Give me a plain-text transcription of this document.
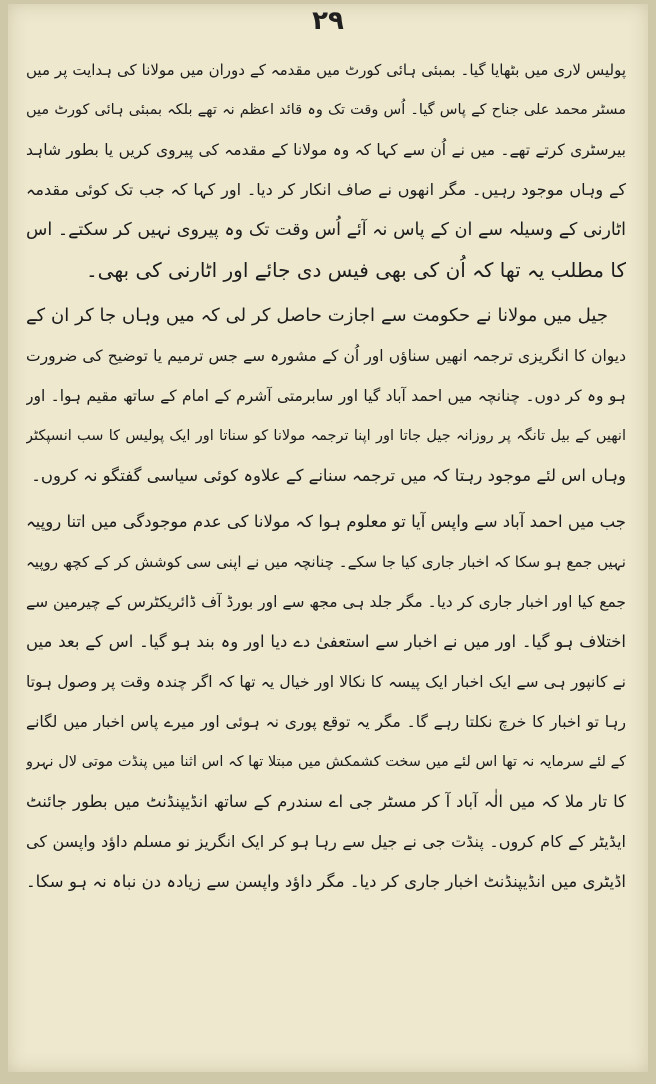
۲۹
پولیس لاری میں بٹھایا گیا۔ بمبئی ہائی کورٹ میں مقدمہ کے دوران میں مولانا کی ہدایت پر میں
مسٹر محمد علی جناح کے پاس گیا۔ اُس وقت تک وہ قائد اعظم نہ تھے بلکہ بمبئی ہائی کورٹ میں
بیرسٹری کرتے تھے۔ میں نے اُن سے کہا کہ وہ مولانا کے مقدمہ کی پیروی کریں یا بطور شاہد
کے وہاں موجود رہیں۔ مگر انھوں نے صاف انکار کر دیا۔ اور کہا کہ جب تک کوئی مقدمہ
اٹارنی کے وسیلہ سے ان کے پاس نہ آئے اُس وقت تک وہ پیروی نہیں کر سکتے۔ اس
کا مطلب یہ تھا کہ اُن کی بھی فیس دی جائے اور اٹارنی کی بھی۔
جیل میں مولانا نے حکومت سے اجازت حاصل کر لی کہ میں وہاں جا کر ان کے
دیوان کا انگریزی ترجمہ انھیں سناؤں اور اُن کے مشورہ سے جس ترمیم یا توضیح کی ضرورت
ہو وہ کر دوں۔ چنانچہ میں احمد آباد گیا اور سابرمتی آشرم کے امام کے ساتھ مقیم ہوا۔ اور
انھیں کے بیل تانگہ پر روزانہ جیل جاتا اور اپنا ترجمہ مولانا کو سناتا اور ایک پولیس کا سب انسپکٹر
وہاں اس لئے موجود رہتا کہ میں ترجمہ سنانے کے علاوہ کوئی سیاسی گفتگو نہ کروں۔
جب میں احمد آباد سے واپس آیا تو معلوم ہوا کہ مولانا کی عدم موجودگی میں اتنا روپیہ
نہیں جمع ہو سکا کہ اخبار جاری کیا جا سکے۔ چنانچہ میں نے اپنی سی کوشش کر کے کچھ روپیہ
جمع کیا اور اخبار جاری کر دیا۔ مگر جلد ہی مجھ سے اور بورڈ آف ڈائریکٹرس کے چیرمین سے
اختلاف ہو گیا۔ اور میں نے اخبار سے استعفیٰ دے دیا اور وہ بند ہو گیا۔ اس کے بعد میں
نے کانپور ہی سے ایک اخبار ایک پیسہ کا نکالا اور خیال یہ تھا کہ اگر چندہ وقت پر وصول ہوتا
رہا تو اخبار کا خرچ نکلتا رہے گا۔ مگر یہ توقع پوری نہ ہوئی اور میرے پاس اخبار میں لگانے
کے لئے سرمایہ نہ تھا اس لئے میں سخت کشمکش میں مبتلا تھا کہ اس اثنا میں پنڈت موتی لال نہرو
کا تار ملا کہ میں الٰہ آباد آ کر مسٹر جی اے سندرم کے ساتھ انڈیپنڈنٹ میں بطور جائنٹ
ایڈیٹر کے کام کروں۔ پنڈت جی نے جیل سے رہا ہو کر ایک انگریز نو مسلم داؤد واپسن کی
اڈیٹری میں انڈیپنڈنٹ اخبار جاری کر دیا۔ مگر داؤد واپسن سے زیادہ دن نباہ نہ ہو سکا۔
